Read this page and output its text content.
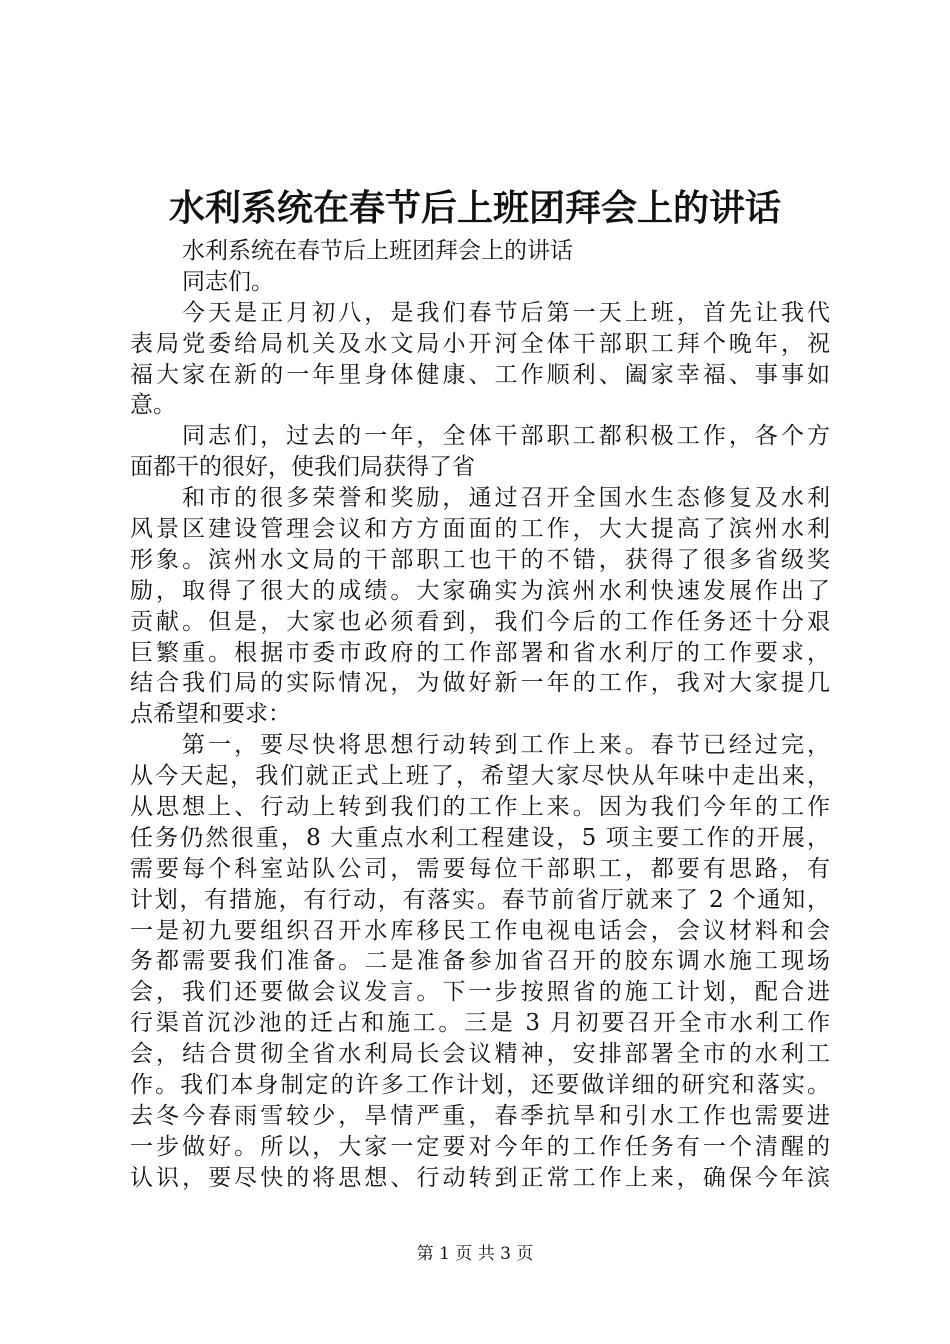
水利系统在春节后上班团拜会上的讲话
水利系统在春节后上班团拜会上的讲话
同志们。
今天是正月初八，是我们春节后第一天上班，首先让我代
表局党委给局机关及水文局小开河全体干部职工拜个晚年，祝
福大家在新的一年里身体健康、工作顺利、阖家幸福、事事如
意。
同志们，过去的一年，全体干部职工都积极工作，各个方
面都干的很好，使我们局获得了省
和市的很多荣誉和奖励，通过召开全国水生态修复及水利
风景区建设管理会议和方方面面的工作，大大提高了滨州水利
形象。滨州水文局的干部职工也干的不错，获得了很多省级奖
励，取得了很大的成绩。大家确实为滨州水利快速发展作出了
贡献。但是，大家也必须看到，我们今后的工作任务还十分艰
巨繁重。根据市委市政府的工作部署和省水利厅的工作要求，
结合我们局的实际情况，为做好新一年的工作，我对大家提几
点希望和要求：
第一，要尽快将思想行动转到工作上来。春节已经过完，
从今天起，我们就正式上班了，希望大家尽快从年味中走出来，
从思想上、行动上转到我们的工作上来。因为我们今年的工作
任务仍然很重，8 大重点水利工程建设，5 项主要工作的开展，
需要每个科室站队公司，需要每位干部职工，都要有思路，有
计划，有措施，有行动，有落实。春节前省厅就来了 2 个通知，
一是初九要组织召开水库移民工作电视电话会，会议材料和会
务都需要我们准备。二是准备参加省召开的胶东调水施工现场
会，我们还要做会议发言。下一步按照省的施工计划，配合进
行渠首沉沙池的迁占和施工。三是 3 月初要召开全市水利工作
会，结合贯彻全省水利局长会议精神，安排部署全市的水利工
作。我们本身制定的许多工作计划，还要做详细的研究和落实。
去冬今春雨雪较少，旱情严重，春季抗旱和引水工作也需要进
一步做好。所以，大家一定要对今年的工作任务有一个清醒的
认识，要尽快的将思想、行动转到正常工作上来，确保今年滨
第 1 页 共 3 页
